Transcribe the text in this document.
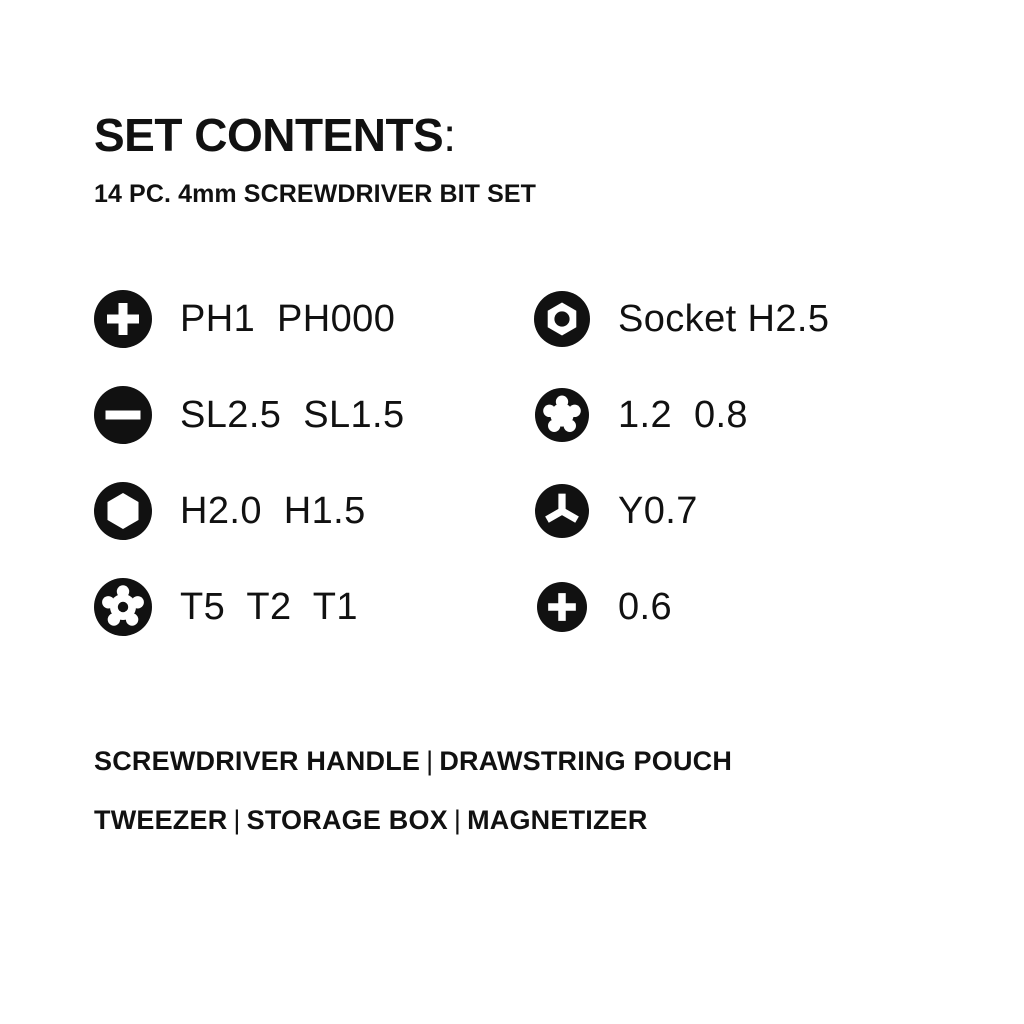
SET CONTENTS:

14 PC. 4mm SCREWDRIVER BIT SET

PH1  PH000
SL2.5  SL1.5
H2.0  H1.5
T5  T2  T1
Socket H2.5
1.2  0.8
Y0.7
0.6

SCREWDRIVER HANDLE | DRAWSTRING POUCH

TWEEZER | STORAGE BOX | MAGNETIZER
